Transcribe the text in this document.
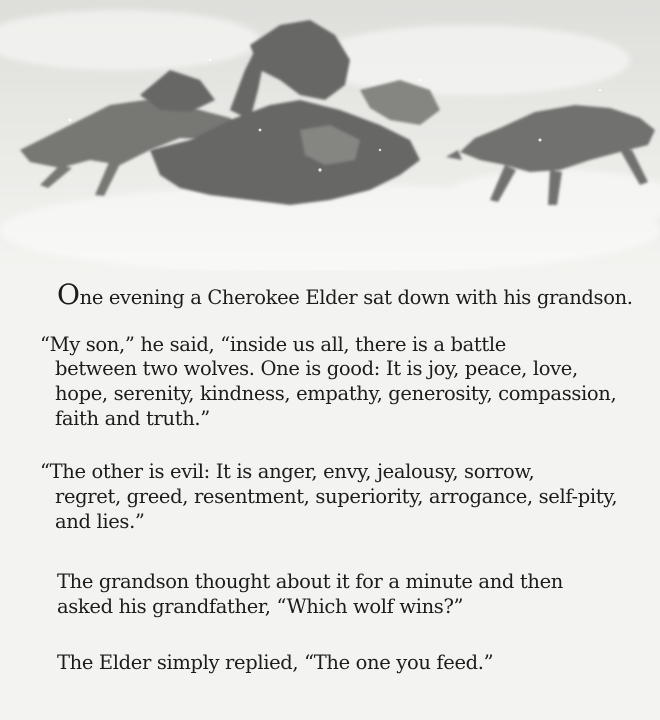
One evening a Cherokee Elder sat down with his grandson.
“My son,” he said, “inside us all, there is a battle
between two wolves. One is good: It is joy, peace, love,
hope, serenity, kindness, empathy, generosity, compassion,
faith and truth.”
“The other is evil: It is anger, envy, jealousy, sorrow,
regret, greed, resentment, superiority, arrogance, self-pity,
and lies.”
The grandson thought about it for a minute and then
asked his grandfather, “Which wolf wins?”
The Elder simply replied, “The one you feed.”
